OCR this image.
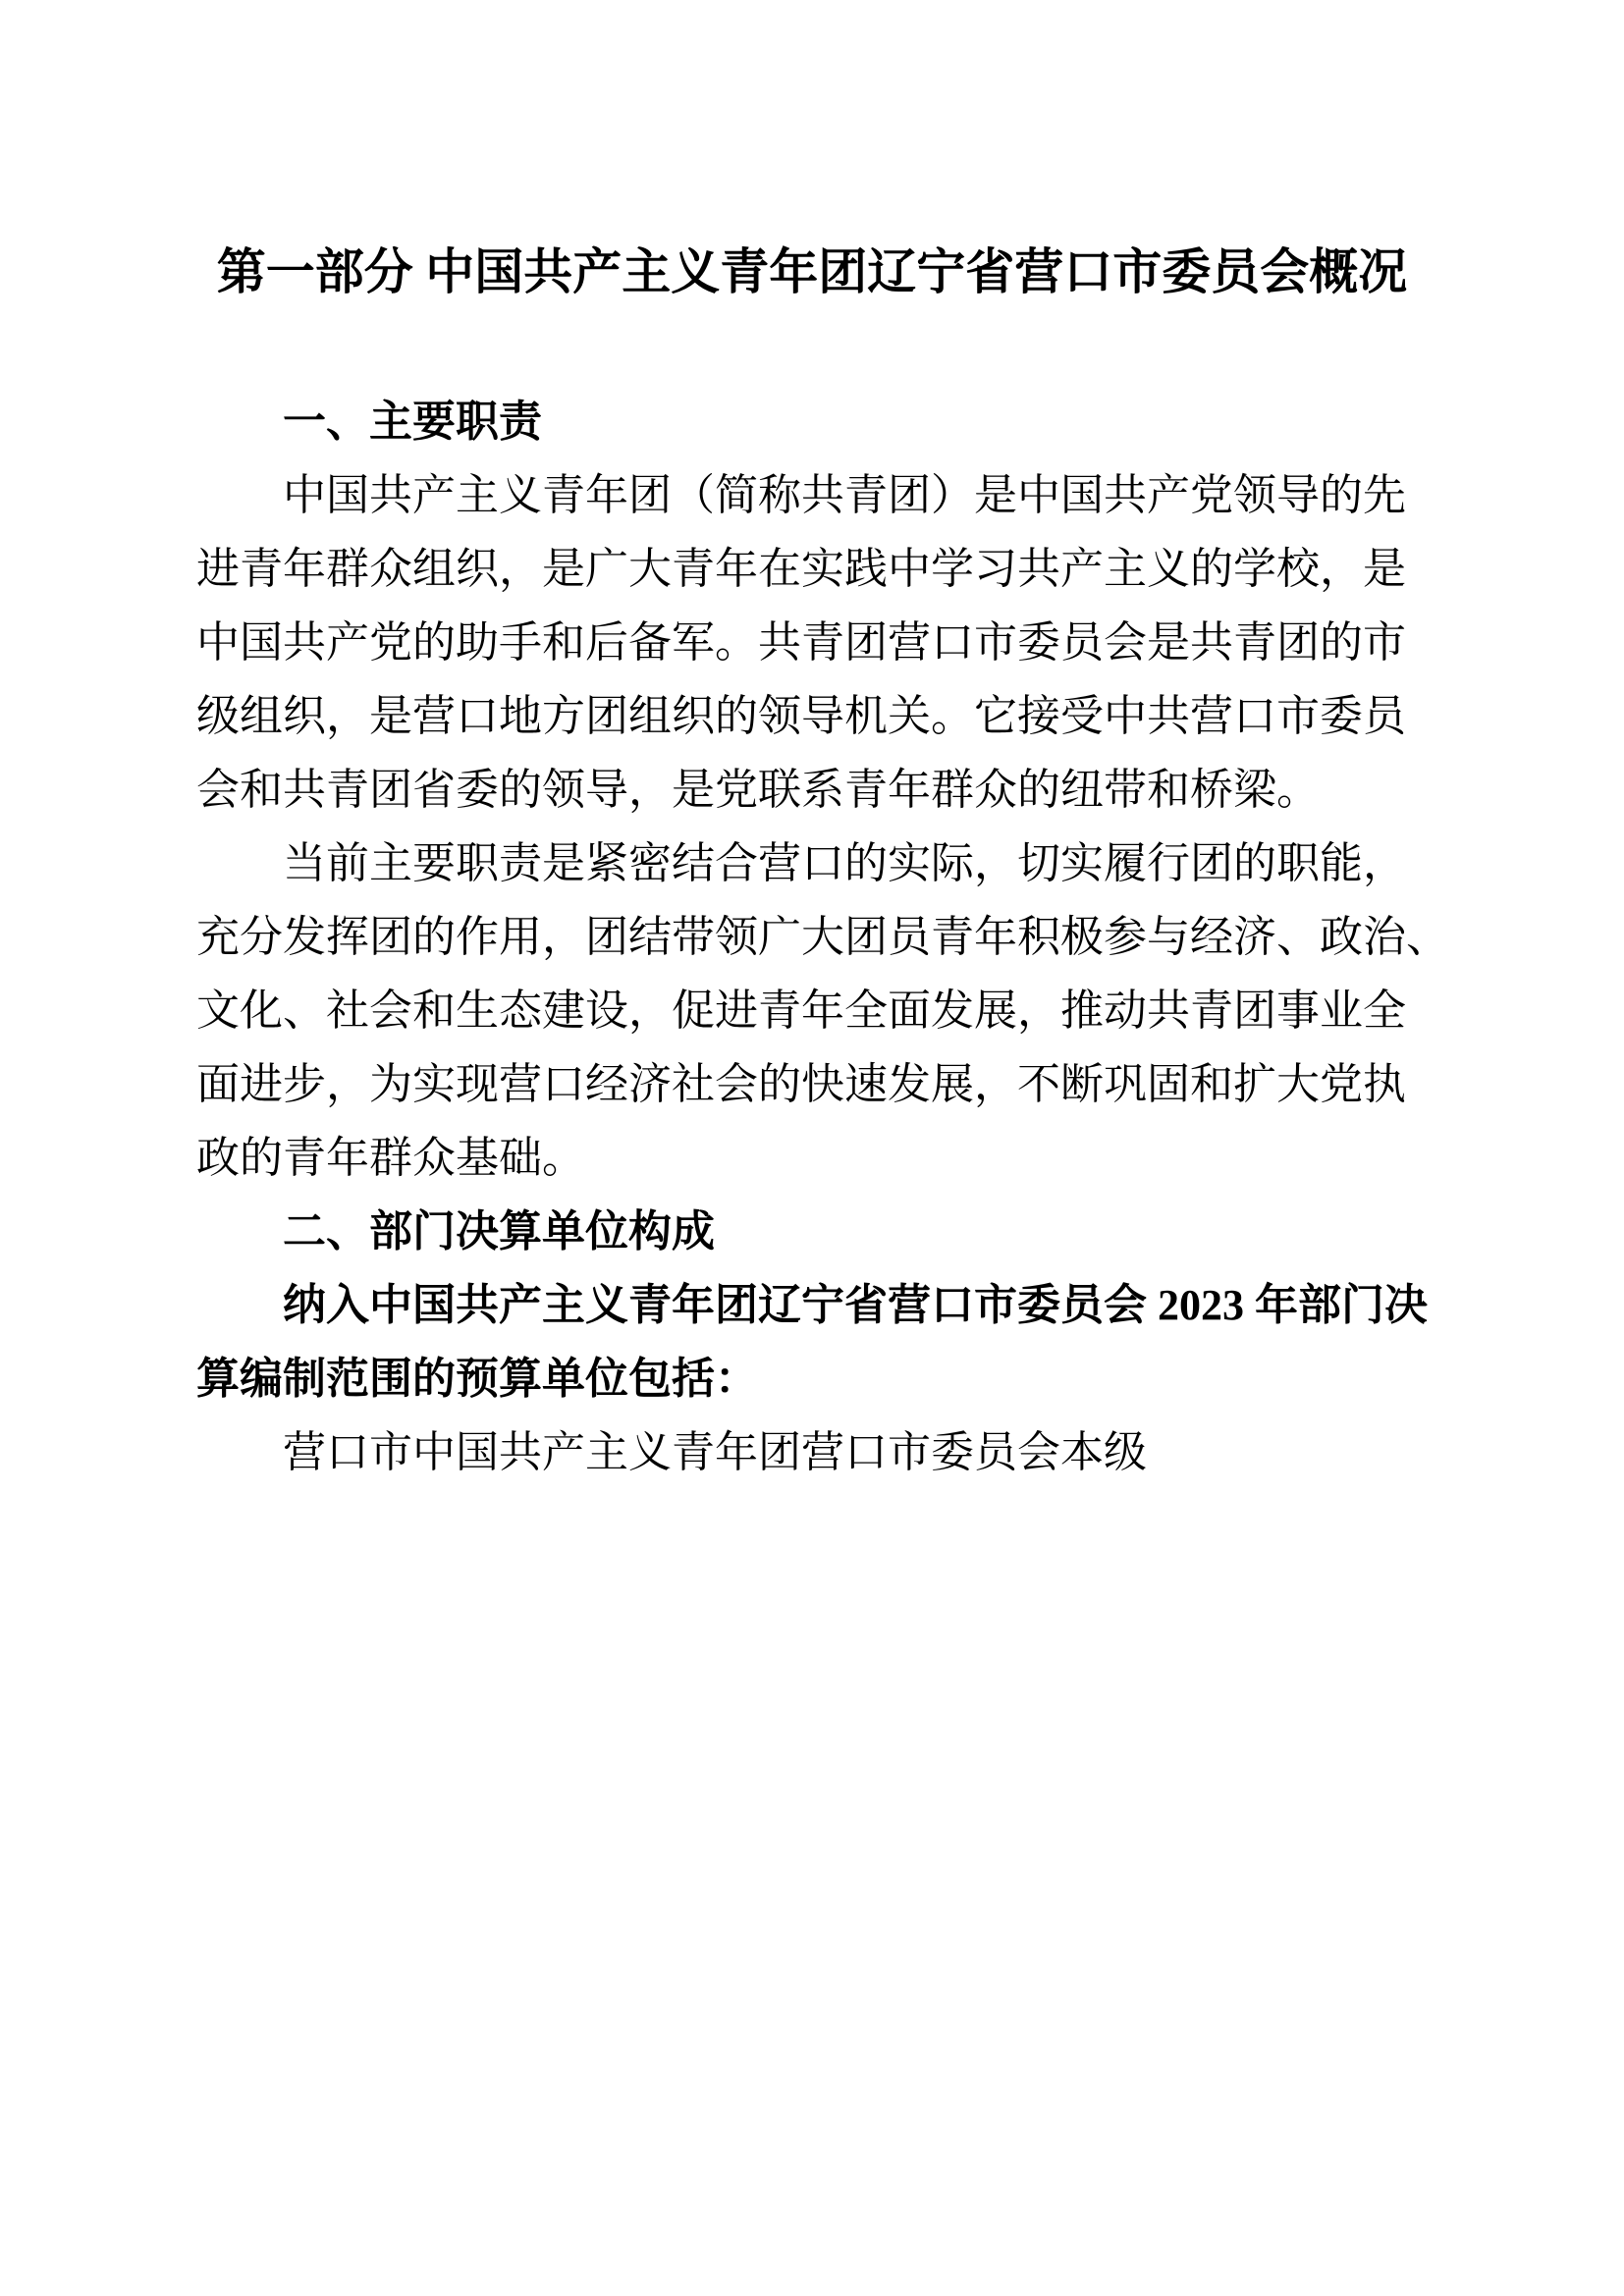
第一部分 中国共产主义青年团辽宁省营口市委员会概况
一、主要职责
中国共产主义青年团（简称共青团）是中国共产党领导的先
进青年群众组织，是广大青年在实践中学习共产主义的学校，是
中国共产党的助手和后备军。共青团营口市委员会是共青团的市
级组织，是营口地方团组织的领导机关。它接受中共营口市委员
会和共青团省委的领导，是党联系青年群众的纽带和桥梁。
当前主要职责是紧密结合营口的实际，切实履行团的职能，
充分发挥团的作用，团结带领广大团员青年积极参与经济、政治、
文化、社会和生态建设，促进青年全面发展，推动共青团事业全
面进步，为实现营口经济社会的快速发展，不断巩固和扩大党执
政的青年群众基础。
二、部门决算单位构成
纳入中国共产主义青年团辽宁省营口市委员会 2023 年部门决
算编制范围的预算单位包括：
营口市中国共产主义青年团营口市委员会本级
